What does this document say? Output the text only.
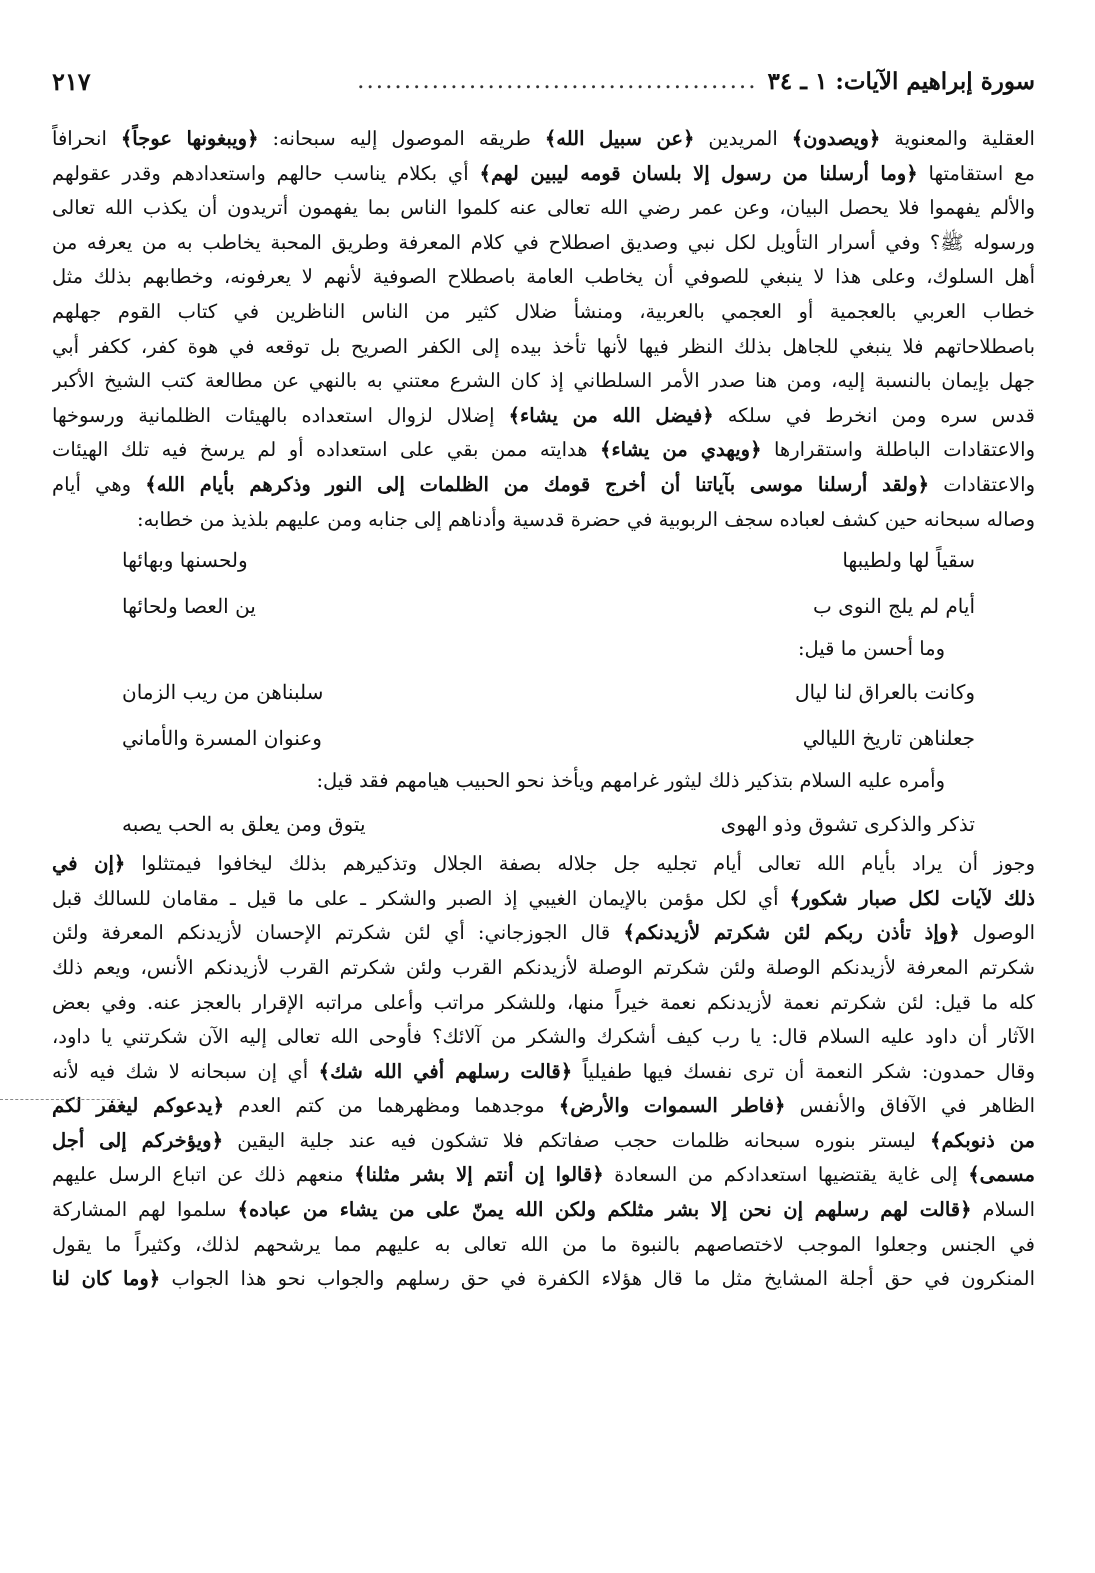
سورة إبراهيم الآيات: ١ ـ ٣٤
...........................................
٢١٧
العقلية والمعنوية ﴿ويصدون﴾ المريدين ﴿عن سبيل الله﴾ طريقه الموصول إليه سبحانه: ﴿ويبغونها عوجاً﴾ انحرافاً
مع استقامتها ﴿وما أرسلنا من رسول إلا بلسان قومه ليبين لهم﴾ أي بكلام يناسب حالهم واستعدادهم وقدر عقولهم
والألم يفهموا فلا يحصل البيان، وعن عمر رضي الله تعالى عنه كلموا الناس بما يفهمون أتريدون أن يكذب الله تعالى
ورسوله ﷺ؟ وفي أسرار التأويل لكل نبي وصديق اصطلاح في كلام المعرفة وطريق المحبة يخاطب به من يعرفه من
أهل السلوك، وعلى هذا لا ينبغي للصوفي أن يخاطب العامة باصطلاح الصوفية لأنهم لا يعرفونه، وخطابهم بذلك مثل
خطاب العربي بالعجمية أو العجمي بالعربية، ومنشأ ضلال كثير من الناس الناظرين في كتاب القوم جهلهم
باصطلاحاتهم فلا ينبغي للجاهل بذلك النظر فيها لأنها تأخذ بيده إلى الكفر الصريح بل توقعه في هوة كفر، ككفر أبي
جهل بإيمان بالنسبة إليه، ومن هنا صدر الأمر السلطاني إذ كان الشرع معتني به بالنهي عن مطالعة كتب الشيخ الأكبر
قدس سره ومن انخرط في سلكه ﴿فيضل الله من يشاء﴾ إضلال لزوال استعداده بالهيئات الظلمانية ورسوخها
والاعتقادات الباطلة واستقرارها ﴿ويهدي من يشاء﴾ هدايته ممن بقي على استعداده أو لم يرسخ فيه تلك الهيئات
والاعتقادات ﴿ولقد أرسلنا موسى بآياتنا أن أخرج قومك من الظلمات إلى النور وذكرهم بأيام الله﴾ وهي أيام
وصاله سبحانه حين كشف لعباده سجف الربوبية في حضرة قدسية وأدناهم إلى جنابه ومن عليهم بلذيذ من خطابه:
سقياً لها ولطيبها
ولحسنها وبهائها
أيام لم يلج النوى ب
ين العصا ولحائها
وما أحسن ما قيل:
وكانت بالعراق لنا ليال
سلبناهن من ريب الزمان
جعلناهن تاريخ الليالي
وعنوان المسرة والأماني
وأمره عليه السلام بتذكير ذلك ليثور غرامهم ويأخذ نحو الحبيب هيامهم فقد قيل:
تذكر والذكرى تشوق وذو الهوى
يتوق ومن يعلق به الحب يصبه
وجوز أن يراد بأيام الله تعالى أيام تجليه جل جلاله بصفة الجلال وتذكيرهم بذلك ليخافوا فيمتثلوا ﴿إن في
ذلك لآيات لكل صبار شكور﴾ أي لكل مؤمن بالإيمان الغيبي إذ الصبر والشكر ـ على ما قيل ـ مقامان للسالك قبل
الوصول ﴿وإذ تأذن ربكم لئن شكرتم لأزيدنكم﴾ قال الجوزجاني: أي لئن شكرتم الإحسان لأزيدنكم المعرفة ولئن
شكرتم المعرفة لأزيدنكم الوصلة ولئن شكرتم الوصلة لأزيدنكم القرب ولئن شكرتم القرب لأزيدنكم الأنس، ويعم ذلك
كله ما قيل: لئن شكرتم نعمة لأزيدنكم نعمة خيراً منها، وللشكر مراتب وأعلى مراتبه الإقرار بالعجز عنه. وفي بعض
الآثار أن داود عليه السلام قال: يا رب كيف أشكرك والشكر من آلائك؟ فأوحى الله تعالى إليه الآن شكرتني يا داود،
وقال حمدون: شكر النعمة أن ترى نفسك فيها طفيلياً ﴿قالت رسلهم أفي الله شك﴾ أي إن سبحانه لا شك فيه لأنه
الظاهر في الآفاق والأنفس ﴿فاطر السموات والأرض﴾ موجدهما ومظهرهما من كتم العدم ﴿يدعوكم ليغفر لكم
من ذنوبكم﴾ ليستر بنوره سبحانه ظلمات حجب صفاتكم فلا تشكون فيه عند جلية اليقين ﴿ويؤخركم إلى أجل
مسمى﴾ إلى غاية يقتضيها استعدادكم من السعادة ﴿قالوا إن أنتم إلا بشر مثلنا﴾ منعهم ذلك عن اتباع الرسل عليهم
السلام ﴿قالت لهم رسلهم إن نحن إلا بشر مثلكم ولكن الله يمنّ على من يشاء من عباده﴾ سلموا لهم المشاركة
في الجنس وجعلوا الموجب لاختصاصهم بالنبوة ما من الله تعالى به عليهم مما يرشحهم لذلك، وكثيراً ما يقول
المنكرون في حق أجلة المشايخ مثل ما قال هؤلاء الكفرة في حق رسلهم والجواب نحو هذا الجواب ﴿وما كان لنا
